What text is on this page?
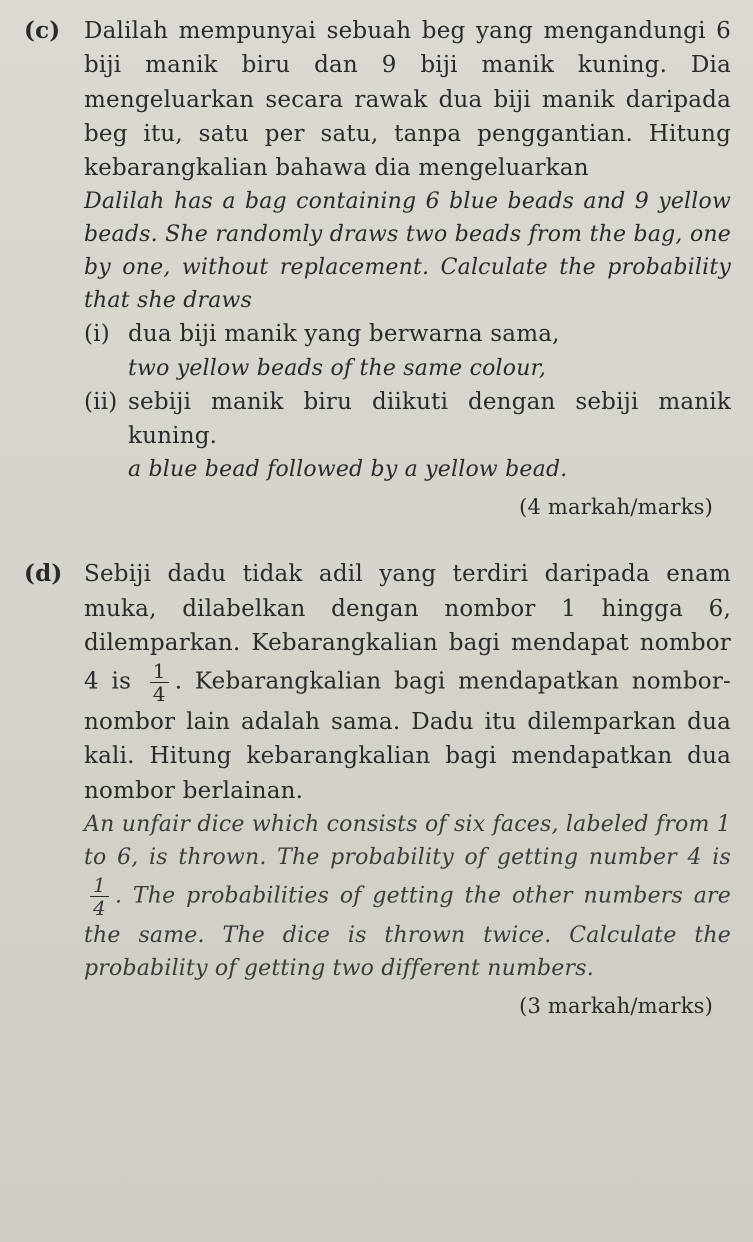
(c) Dalilah mempunyai sebuah beg yang mengandungi 6 biji manik biru dan 9 biji manik kuning. Dia mengeluarkan secara rawak dua biji manik daripada beg itu, satu per satu, tanpa penggantian. Hitung kebarangkalian bahawa dia mengeluarkan
Dalilah has a bag containing 6 blue beads and 9 yellow beads. She randomly draws two beads from the bag, one by one, without replacement. Calculate the probability that she draws
(i) dua biji manik yang berwarna sama,
two yellow beads of the same colour,
(ii) sebiji manik biru diikuti dengan sebiji manik kuning.
a blue bead followed by a yellow bead.
(4 markah/marks)
(d) Sebiji dadu tidak adil yang terdiri daripada enam muka, dilabelkan dengan nombor 1 hingga 6, dilemparkan. Kebarangkalian bagi mendapat nombor 4 is $\frac{1}{4}$ . Kebarangkalian bagi mendapatkan nombor-nombor lain adalah sama. Dadu itu dilemparkan dua kali. Hitung kebarangkalian bagi mendapatkan dua nombor berlainan.
An unfair dice which consists of six faces, labeled from 1 to 6, is thrown. The probability of getting number 4 is
$\frac{1}{4}$ . The probabilities of getting the other numbers are the same. The dice is thrown twice. Calculate the probability of getting two different numbers.
(3 markah/marks)
